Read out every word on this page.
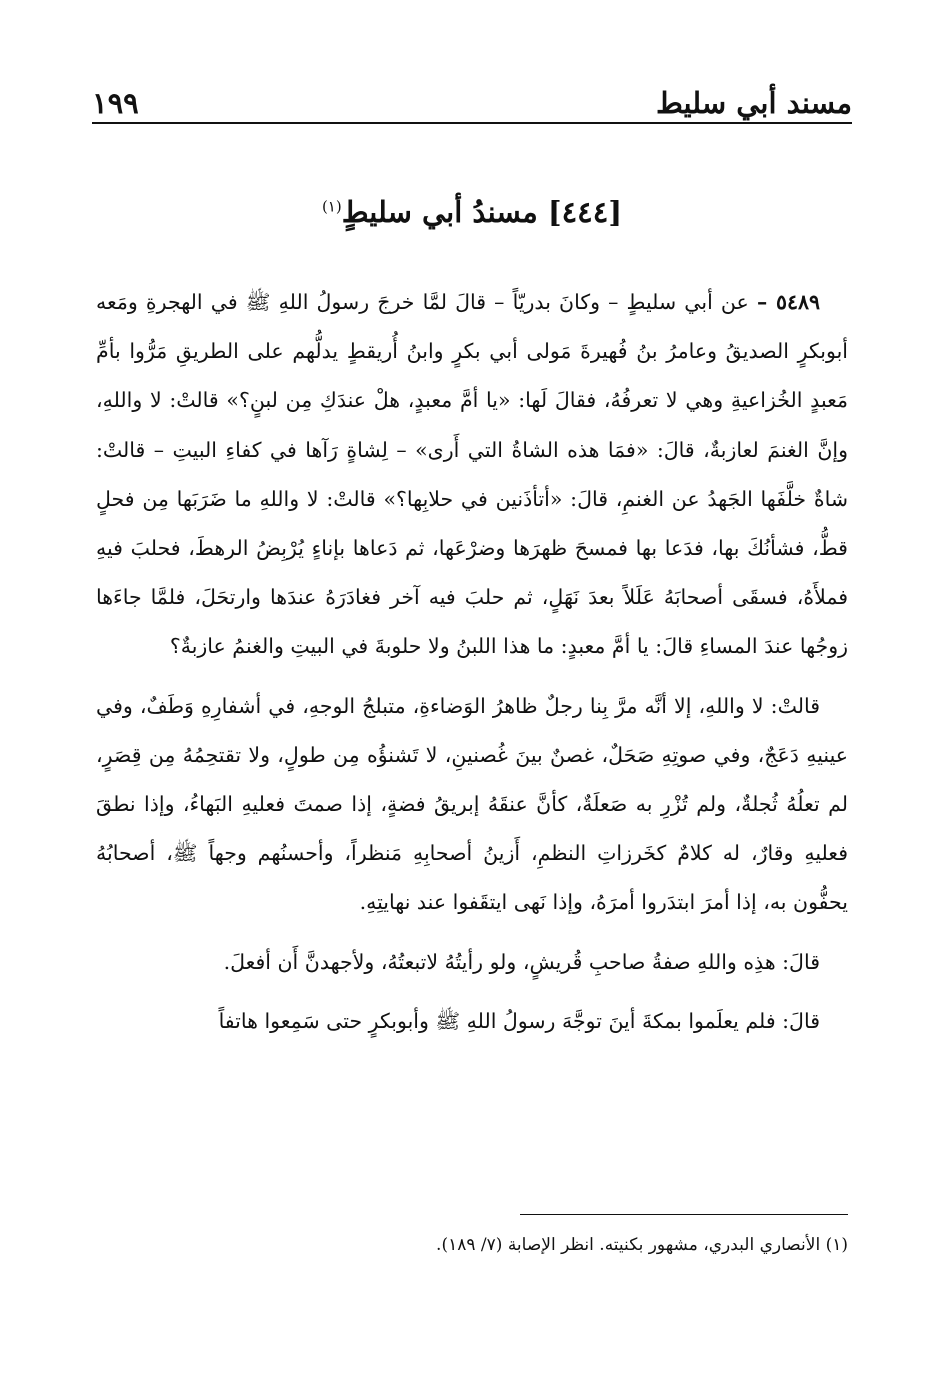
مسند أبي سليط
١٩٩
[٤٤٤] مسندُ أبي سليطٍ$^{(١)}$

٥٤٨٩ – عن أبي سليطٍ – وكانَ بدريّاً – قالَ لمَّا خرجَ رسولُ اللهِ ﷺ في الهجرةِ ومَعه أبوبكرٍ الصديقُ وعامرُ بنُ فُهيرةَ مَولى أبي بكرٍ وابنُ أُريقطٍ يدلُّهم على الطريقِ مَرُّوا بأمِّ مَعبدٍ الخُزاعيةِ وهي لا تعرفُهُ، فقالَ لَها: «يا أمَّ معبدٍ، هلْ عندَكِ مِن لبنٍ؟» قالتْ: لا واللهِ، وإنَّ الغنمَ لعازبةٌ، قالَ: «فمَا هذه الشاةُ التي أَرى» – لِشاةٍ رَآها في كفاءِ البيتِ – قالتْ: شاةٌ خلَّفَها الجَهدُ عن الغنمِ، قالَ: «أتأذَنين في حلابِها؟» قالتْ: لا واللهِ ما ضَرَبَها مِن فحلٍ قطُّ، فشأنُكَ بها، فدَعا بها فمسحَ ظهرَها وضرْعَها، ثم دَعاها بإناءٍ يُرْبِضُ الرهطَ، فحلبَ فيهِ فملأَهُ، فسقَى أصحابَهُ عَلَلاً بعدَ نَهَلٍ، ثم حلبَ فيه آخر فغادَرَهُ عندَها وارتحَلَ، فلمَّا جاءَها زوجُها عندَ المساءِ قالَ: يا أمَّ معبدٍ: ما هذا اللبنُ ولا حلوبةَ في البيتِ والغنمُ عازبةٌ؟

قالتْ: لا واللهِ، إلا أنَّه مرَّ بِنا رجلٌ ظاهرُ الوَضاءةِ، متبلجُ الوجهِ، في أشفارِهِ وَطَفٌ، وفي عينيهِ دَعَجٌ، وفي صوتِهِ صَحَلٌ، غصنٌ بينَ غُصنينِ، لا تَشنؤُه مِن طولٍ، ولا تقتحِمُهُ مِن قِصَرٍ، لم تعلُهُ ثُجلةٌ، ولم تُزْرِ به صَعلَةٌ، كأنَّ عنقَهُ إبريقُ فضةٍ، إذا صمتَ فعليهِ البَهاءُ، وإذا نطقَ فعليهِ وقارٌ، له كلامٌ كخَرزاتِ النظمِ، أَزينُ أصحابِهِ مَنظراً، وأحسنُهم وجهاً ﷺ، أصحابُهُ يحفُّون به، إذا أمرَ ابتدَروا أمرَهُ، وإذا نَهى ايتقَفوا عند نهايتِهِ.

قالَ: هذِه واللهِ صفةُ صاحبِ قُريشٍ، ولو رأيتُهُ لاتبعتُهُ، ولأجهدنَّ أَن أفعلَ.

قالَ: فلم يعلَموا بمكةَ أينَ توجَّهَ رسولُ اللهِ ﷺ وأبوبكرٍ حتى سَمِعوا هاتفاً

(١) الأنصاري البدري، مشهور بكنيته. انظر الإصابة (٧/ ١٨٩).
